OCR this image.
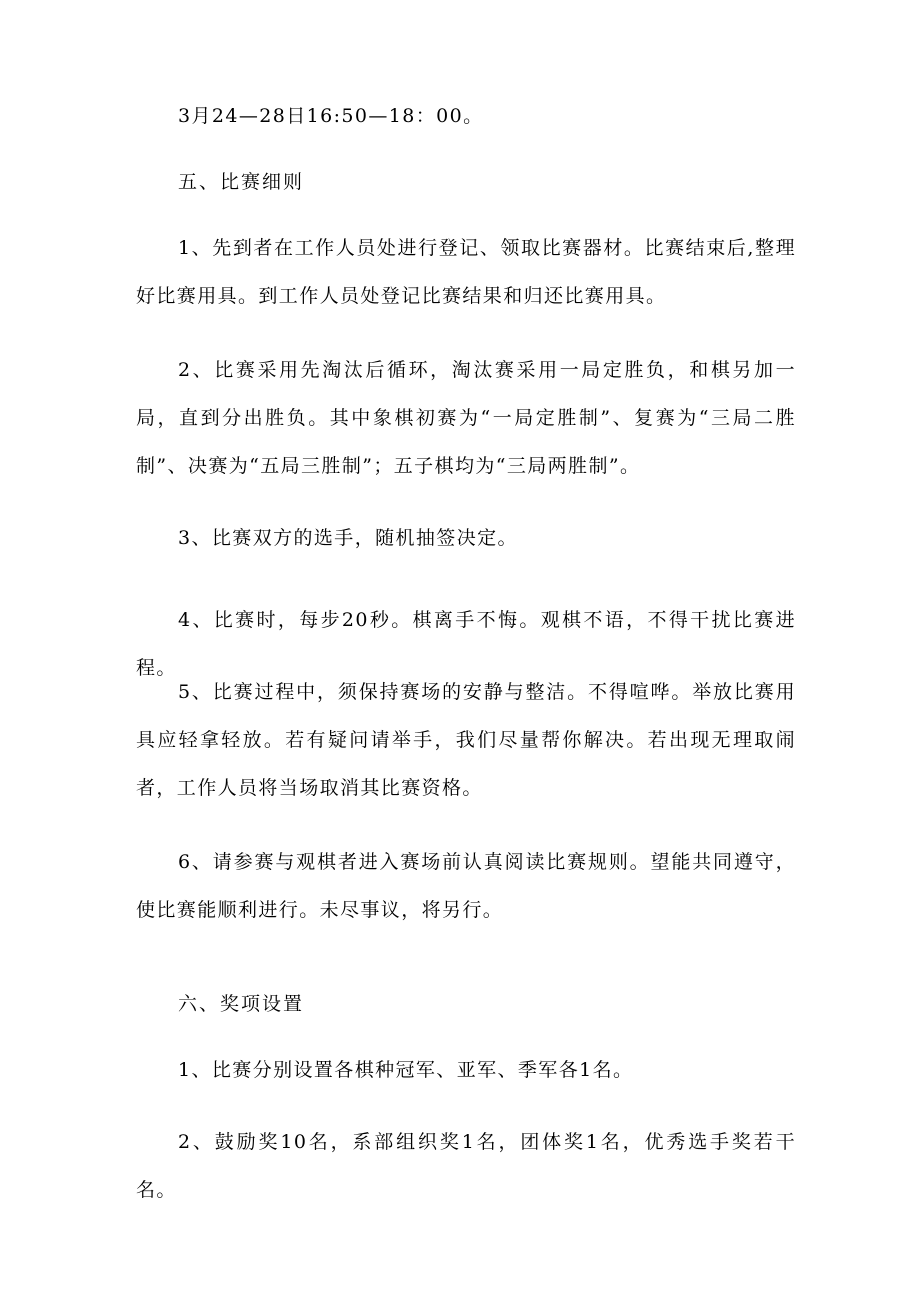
3月24—28日16:50—18：00。
五、比赛细则
1、先到者在工作人员处进行登记、领取比赛器材。比赛结束后,整理好比赛用具。到工作人员处登记比赛结果和归还比赛用具。
2、比赛采用先淘汰后循环，淘汰赛采用一局定胜负，和棋另加一局，直到分出胜负。其中象棋初赛为“一局定胜制”、复赛为“三局二胜制”、决赛为“五局三胜制”；五子棋均为“三局两胜制”。
3、比赛双方的选手，随机抽签决定。
4、比赛时，每步20秒。棋离手不悔。观棋不语，不得干扰比赛进程。
5、比赛过程中，须保持赛场的安静与整洁。不得喧哗。举放比赛用具应轻拿轻放。若有疑问请举手，我们尽量帮你解决。若出现无理取闹者，工作人员将当场取消其比赛资格。
6、请参赛与观棋者进入赛场前认真阅读比赛规则。望能共同遵守，使比赛能顺利进行。未尽事议，将另行。
六、奖项设置
1、比赛分别设置各棋种冠军、亚军、季军各1名。
2、鼓励奖10名，系部组织奖1名，团体奖1名，优秀选手奖若干名。
